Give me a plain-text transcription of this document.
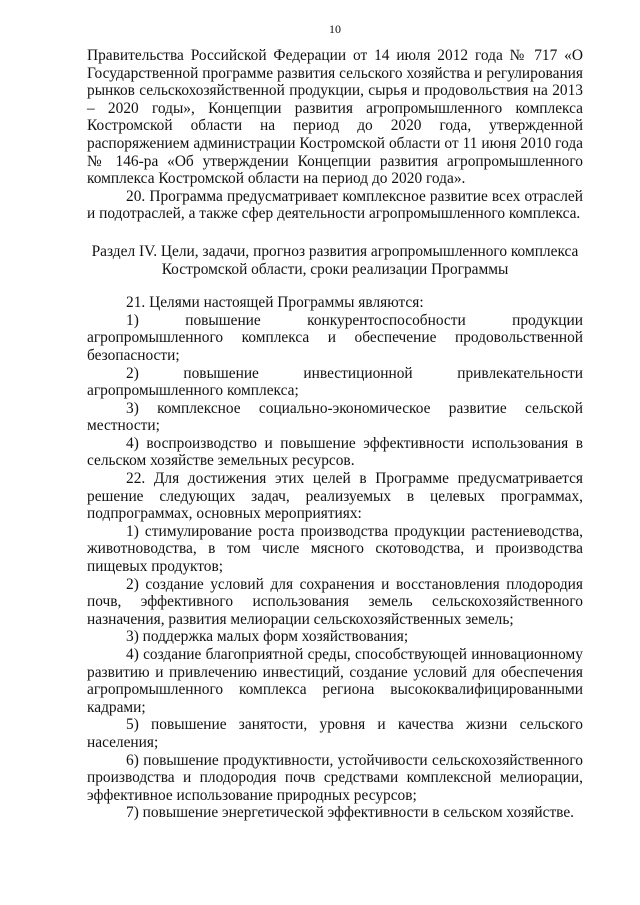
10

Правительства Российской Федерации от 14 июля 2012 года № 717 «О Государственной программе развития сельского хозяйства и регулирования рынков сельскохозяйственной продукции, сырья и продовольствия на 2013 – 2020 годы», Концепции развития агропромышленного комплекса Костромской области на период до 2020 года, утвержденной распоряжением администрации Костромской области от 11 июня 2010 года № 146-ра «Об утверждении Концепции развития агропромышленного комплекса Костромской области на период до 2020 года».

20. Программа предусматривает комплексное развитие всех отраслей и подотраслей, а также сфер деятельности агропромышленного комплекса.

Раздел IV. Цели, задачи, прогноз развития агропромышленного комплекса
Костромской области, сроки реализации Программы

21. Целями настоящей Программы являются:

1) повышение конкурентоспособности продукции агропромышленного комплекса и обеспечение продовольственной безопасности;

2) повышение инвестиционной привлекательности агропромышленного комплекса;

3) комплексное социально-экономическое развитие сельской местности;

4) воспроизводство и повышение эффективности использования в сельском хозяйстве земельных ресурсов.

22. Для достижения этих целей в Программе предусматривается решение следующих задач, реализуемых в целевых программах, подпрограммах, основных мероприятиях:

1) стимулирование роста производства продукции растениеводства, животноводства, в том числе мясного скотоводства, и производства пищевых продуктов;

2) создание условий для сохранения и восстановления плодородия почв, эффективного использования земель сельскохозяйственного назначения, развития мелиорации сельскохозяйственных земель;

3) поддержка малых форм хозяйствования;

4) создание благоприятной среды, способствующей инновационному развитию и привлечению инвестиций, создание условий для обеспечения агропромышленного комплекса региона высококвалифицированными кадрами;

5) повышение занятости, уровня и качества жизни сельского населения;

6) повышение продуктивности, устойчивости сельскохозяйственного производства и плодородия почв средствами комплексной мелиорации, эффективное использование природных ресурсов;

7) повышение энергетической эффективности в сельском хозяйстве.
